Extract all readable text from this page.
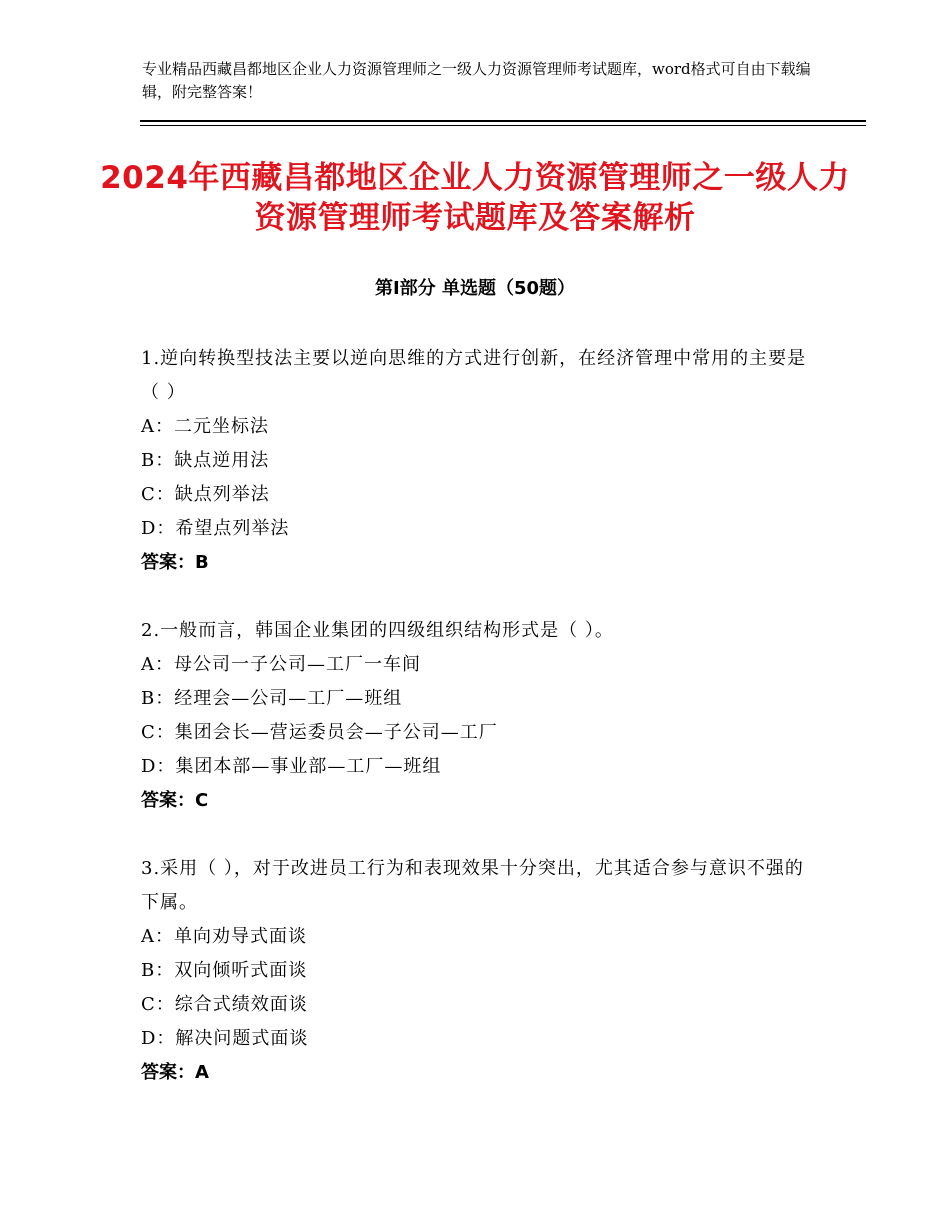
专业精品西藏昌都地区企业人力资源管理师之一级人力资源管理师考试题库，word格式可自由下载编辑，附完整答案！
2024年西藏昌都地区企业人力资源管理师之一级人力资源管理师考试题库及答案解析
第Ⅰ部分 单选题（50题）
1.逆向转换型技法主要以逆向思维的方式进行创新，在经济管理中常用的主要是（ ）
A：二元坐标法
B：缺点逆用法
C：缺点列举法
D：希望点列举法
答案：B
2.一般而言，韩国企业集团的四级组织结构形式是（ ）。
A：母公司一子公司—工厂一车间
B：经理会—公司—工厂—班组
C：集团会长—营运委员会—子公司—工厂
D：集团本部—事业部—工厂—班组
答案：C
3.采用（ ），对于改进员工行为和表现效果十分突出，尤其适合参与意识不强的下属。
A：单向劝导式面谈
B：双向倾听式面谈
C：综合式绩效面谈
D：解决问题式面谈
答案：A
